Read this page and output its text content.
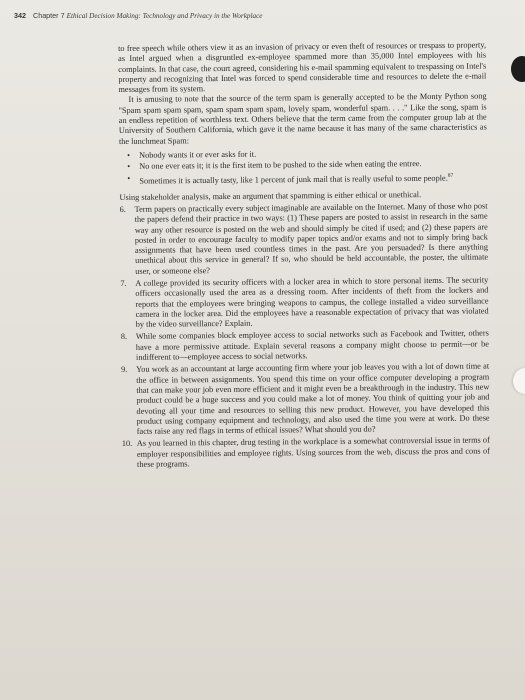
342 Chapter 7 Ethical Decision Making: Technology and Privacy in the Workplace

to free speech while others view it as an invasion of privacy or even theft of resources or trespass to property, as Intel argued when a disgruntled ex-employee spammed more than 35,000 Intel employees with his complaints. In that case, the court agreed, considering his e-mail spamming equivalent to trespassing on Intel's property and recognizing that Intel was forced to spend considerable time and resources to delete the e-mail messages from its system.

It is amusing to note that the source of the term spam is generally accepted to be the Monty Python song "Spam spam spam spam, spam spam spam spam, lovely spam, wonderful spam. . . ." Like the song, spam is an endless repetition of worthless text. Others believe that the term came from the computer group lab at the University of Southern California, which gave it the name because it has many of the same characteristics as the lunchmeat Spam:

• Nobody wants it or ever asks for it.
• No one ever eats it; it is the first item to be pushed to the side when eating the entree.
• Sometimes it is actually tasty, like 1 percent of junk mail that is really useful to some people.$^{87}$

Using stakeholder analysis, make an argument that spamming is either ethical or unethical.

6. Term papers on practically every subject imaginable are available on the Internet. Many of those who post the papers defend their practice in two ways: (1) These papers are posted to assist in research in the same way any other resource is posted on the web and should simply be cited if used; and (2) these papers are posted in order to encourage faculty to modify paper topics and/or exams and not to simply bring back assignments that have been used countless times in the past. Are you persuaded? Is there anything unethical about this service in general? If so, who should be held accountable, the poster, the ultimate user, or someone else?
7. A college provided its security officers with a locker area in which to store personal items. The security officers occasionally used the area as a dressing room. After incidents of theft from the lockers and reports that the employees were bringing weapons to campus, the college installed a video surveillance camera in the locker area. Did the employees have a reasonable expectation of privacy that was violated by the video surveillance? Explain.
8. While some companies block employee access to social networks such as Facebook and Twitter, others have a more permissive attitude. Explain several reasons a company might choose to permit—or be indifferent to—employee access to social networks.
9. You work as an accountant at large accounting firm where your job leaves you with a lot of down time at the office in between assignments. You spend this time on your office computer developing a program that can make your job even more efficient and it might even be a breakthrough in the industry. This new product could be a huge success and you could make a lot of money. You think of quitting your job and devoting all your time and resources to selling this new product. However, you have developed this product using company equipment and technology, and also used the time you were at work. Do these facts raise any red flags in terms of ethical issues? What should you do?
10. As you learned in this chapter, drug testing in the workplace is a somewhat controversial issue in terms of employer responsibilities and employee rights. Using sources from the web, discuss the pros and cons of these programs.
